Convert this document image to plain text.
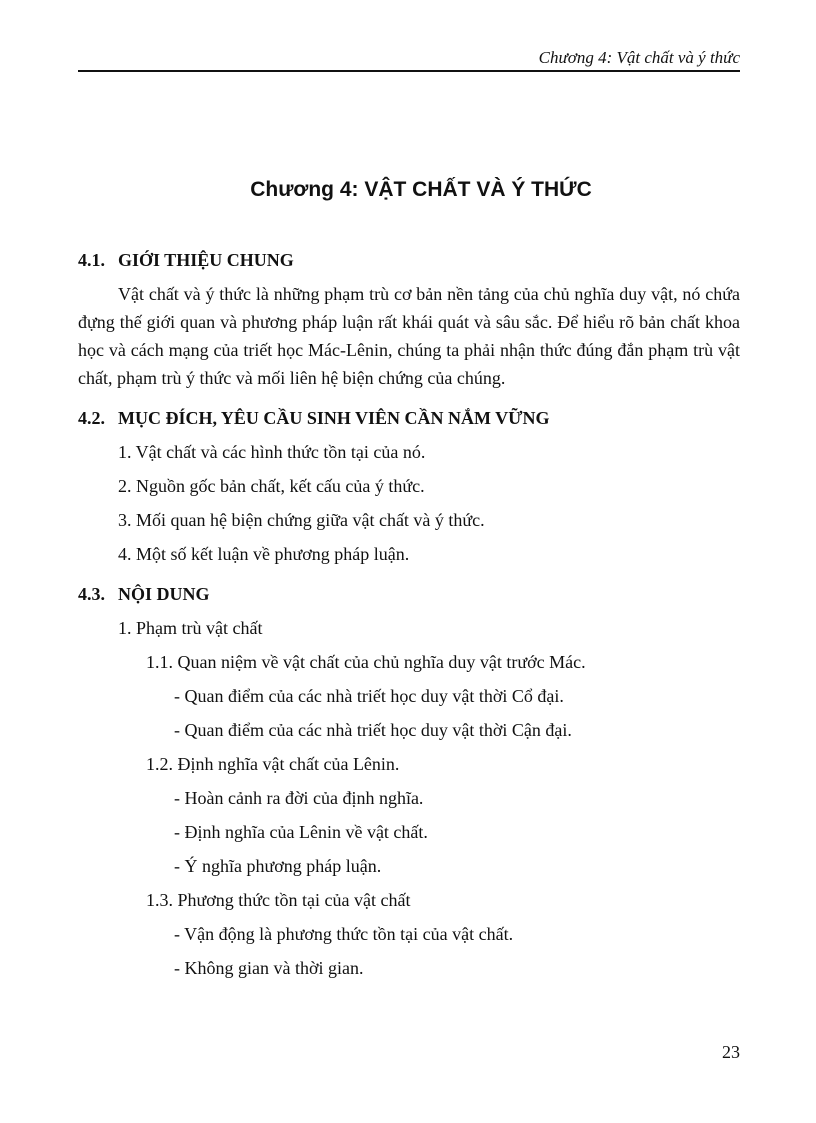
Chương 4: Vật chất và ý thức
Chương 4: VẬT CHẤT VÀ Ý THỨC
4.1. GIỚI THIỆU CHUNG

Vật chất và ý thức là những phạm trù cơ bản nền tảng của chủ nghĩa duy vật, nó chứa đựng thế giới quan và phương pháp luận rất khái quát và sâu sắc. Để hiểu rõ bản chất khoa học và cách mạng của triết học Mác-Lênin, chúng ta phải nhận thức đúng đắn phạm trù vật chất, phạm trù ý thức và mối liên hệ biện chứng của chúng.

4.2. MỤC ĐÍCH, YÊU CẦU SINH VIÊN CẦN NẮM VỮNG
1. Vật chất và các hình thức tồn tại của nó.
2. Nguồn gốc bản chất, kết cấu của ý thức.
3. Mối quan hệ biện chứng giữa vật chất và ý thức.
4. Một số kết luận về phương pháp luận.
4.3. NỘI DUNG
1. Phạm trù vật chất
1.1. Quan niệm về vật chất của chủ nghĩa duy vật trước Mác.
- Quan điểm của các nhà triết học duy vật thời Cổ đại.
- Quan điểm của các nhà triết học duy vật thời Cận đại.
1.2. Định nghĩa vật chất của Lênin.
- Hoàn cảnh ra đời của định nghĩa.
- Định nghĩa của Lênin về vật chất.
- Ý nghĩa phương pháp luận.
1.3. Phương thức tồn tại của vật chất
- Vận động là phương thức tồn tại của vật chất.
- Không gian và thời gian.
23
